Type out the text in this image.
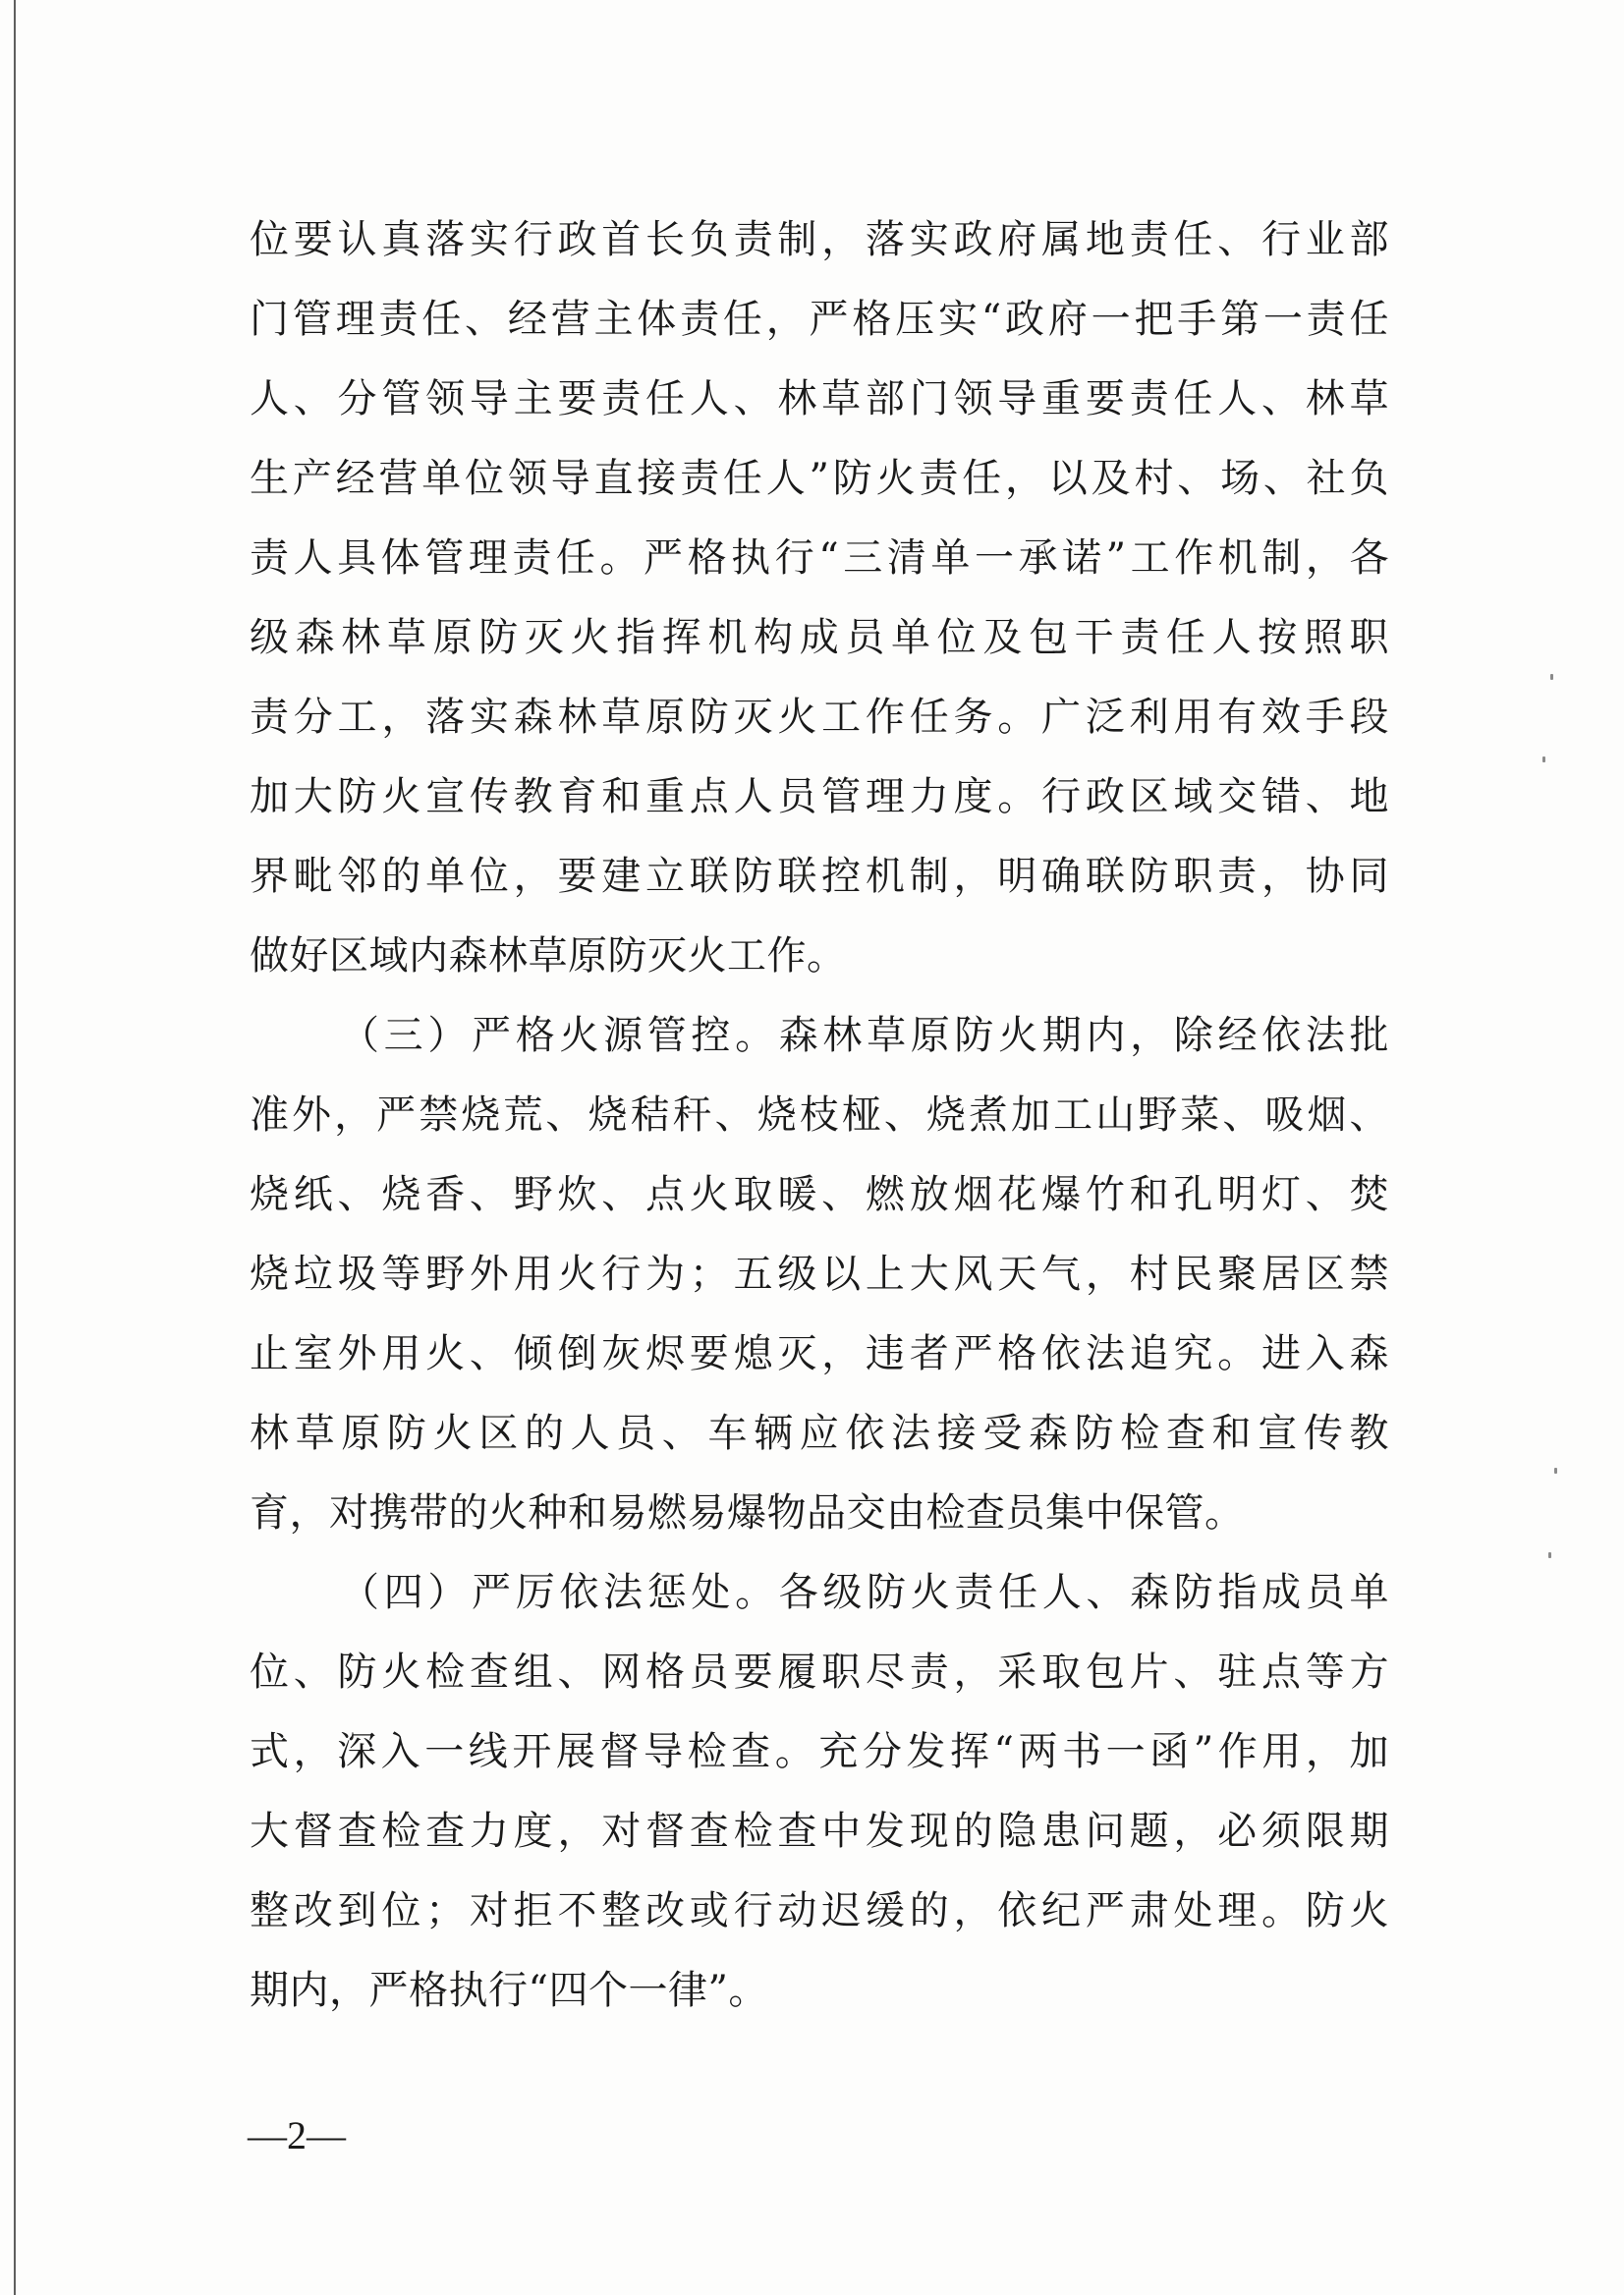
位要认真落实行政首长负责制，落实政府属地责任、行业部
门管理责任、经营主体责任，严格压实“政府一把手第一责任
人、分管领导主要责任人、林草部门领导重要责任人、林草
生产经营单位领导直接责任人”防火责任，以及村、场、社负
责人具体管理责任。严格执行“三清单一承诺”工作机制，各
级森林草原防灭火指挥机构成员单位及包干责任人按照职
责分工，落实森林草原防灭火工作任务。广泛利用有效手段
加大防火宣传教育和重点人员管理力度。行政区域交错、地
界毗邻的单位，要建立联防联控机制，明确联防职责，协同
做好区域内森林草原防灭火工作。
（三）严格火源管控。森林草原防火期内，除经依法批
准外，严禁烧荒、烧秸秆、烧枝桠、烧煮加工山野菜、吸烟、
烧纸、烧香、野炊、点火取暖、燃放烟花爆竹和孔明灯、焚
烧垃圾等野外用火行为；五级以上大风天气，村民聚居区禁
止室外用火、倾倒灰烬要熄灭，违者严格依法追究。进入森
林草原防火区的人员、车辆应依法接受森防检查和宣传教
育，对携带的火种和易燃易爆物品交由检查员集中保管。
（四）严厉依法惩处。各级防火责任人、森防指成员单
位、防火检查组、网格员要履职尽责，采取包片、驻点等方
式，深入一线开展督导检查。充分发挥“两书一函”作用，加
大督查检查力度，对督查检查中发现的隐患问题，必须限期
整改到位；对拒不整改或行动迟缓的，依纪严肃处理。防火
期内，严格执行“四个一律”。
—2—
